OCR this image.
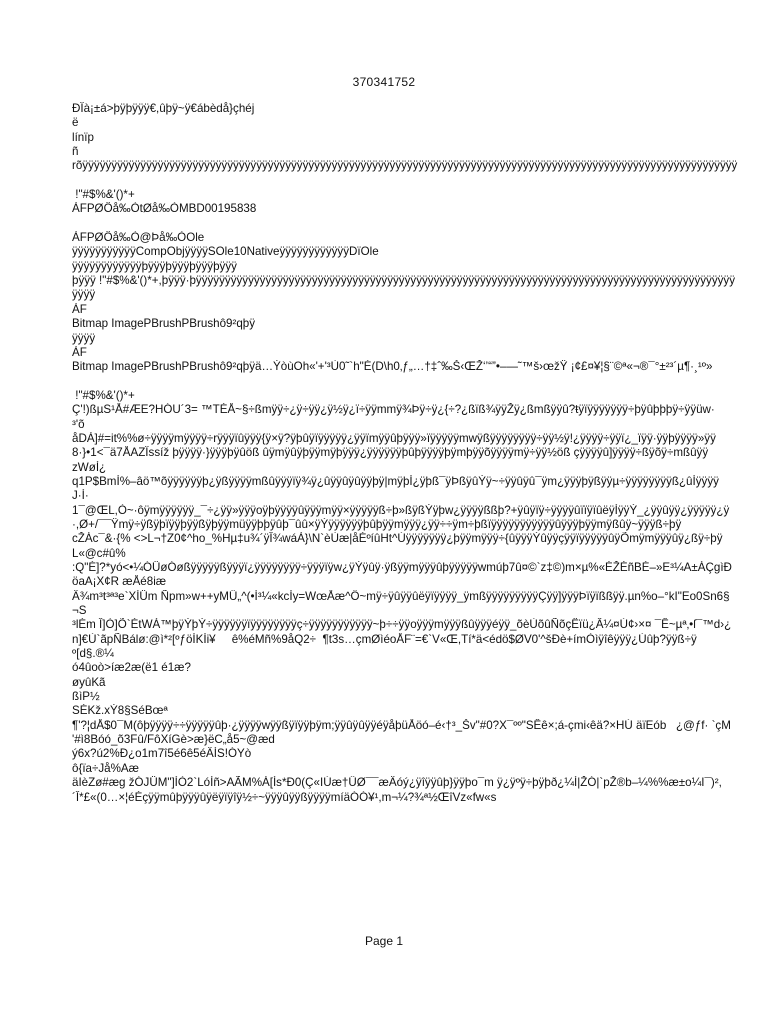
370341752
ÐÏà¡±á>þÿþÿÿÿ€,ûþÿ~ÿ€ábèdå}çhéj
ë
línïp
ñ
rõÿÿÿÿÿÿÿÿÿÿÿÿÿÿÿÿÿÿÿÿÿÿÿÿÿÿÿÿÿÿÿÿÿÿÿÿÿÿÿÿÿÿÿÿÿÿÿÿÿÿÿÿÿÿÿÿÿÿÿÿÿÿÿÿÿÿÿÿÿÿÿÿÿÿÿÿÿÿÿÿÿÿÿÿÿÿÿÿÿÿÿÿÿÿÿÿÿÿÿÿÿÿÿÿÿÿÿÿÿÿÿÿÿ
!"#$%&'()*+
ÀFPØÖå‰ÒtØå‰ÒMBD00195838
ÀFPØÖå‰Ò@Þå‰ÒOle
ÿÿÿÿÿÿÿÿÿÿÿCompObjÿÿÿÿSOle10NativeÿÿÿÿÿÿÿÿÿÿÿÿDïOle
ÿÿÿÿÿÿÿÿÿÿÿÿþÿÿÿþÿÿÿþÿÿÿþÿÿÿ
þÿÿÿ !"#$%&'()*+,þÿÿÿ·þÿÿÿÿÿÿÿÿÿÿÿÿÿÿÿÿÿÿÿÿÿÿÿÿÿÿÿÿÿÿÿÿÿÿÿÿÿÿÿÿÿÿÿÿÿÿÿÿÿÿÿÿÿÿÿÿÿÿÿÿÿÿÿÿÿÿÿÿÿÿÿÿÿÿÿÿÿÿÿÿÿÿÿÿÿÿÿÿÿÿÿÿÿ
ÿÿÿÿ
ÀF
Bitmap ImagePBrushPBrushô9²qþÿ
ÿÿÿÿ
ÀF
Bitmap ImagePBrushPBrushô9²qþÿä…ÝòùOh«'+'³Ù0˜`h"È(D\h0‚ƒ„…†‡ˆ‰Š‹ŒŽ‘’“”•–—˜™š›œžŸ ¡¢£¤¥¦§¨©ª«¬®¯°±²³´µ¶·¸¹º»
!"#$%&'()*+
Ç'!)ßµS¹Å#ÆE?HÓU´3= ™TÉÅ~§÷ßmÿÿ÷¿ÿ÷ÿÿ¿ÿ½ÿ¿ï÷ÿÿmmÿ¾Þÿ÷ÿ¿{÷?¿ßïß¾ÿÿŽÿ¿ßmßÿÿû?ŧÿïÿÿÿÿÿÿÿ÷þÿûþþþÿ÷ÿÿüw·
³'õ
åDÀ]#=it%%ø÷ÿÿÿÿmÿÿÿÿ÷rÿÿÿïûÿÿÿ{ÿ×ÿ?ÿþûÿïÿÿÿÿÿ¿ÿÿïmÿÿûþÿÿÿ»ïÿÿÿÿÿmwÿßÿÿÿÿÿÿÿÿ÷ÿÿ½ÿ!¿ÿÿÿÿ÷ÿÿï¿_ïÿÿ·ÿÿþÿÿÿÿ»ÿÿ
8·}•1<¯ä7ÅAZÏssíž þÿÿÿÿ·}ÿÿÿþÿûöß ûÿmÿûÿþÿÿmÿþÿÿÿ¿ÿÿÿÿÿÿþûþÿÿÿÿþÿmþÿÿõÿÿÿÿmÿ÷ÿÿ½öß çÿÿÿÿû]ÿÿÿÿ÷ßÿõÿ÷mßûÿÿ
zWøÍ¿
q1P$BmÍ%–âö™õÿÿÿÿÿÿþ¿ÿßÿÿÿÿmßûÿÿÿïÿ¾ÿ¿ûÿÿûÿûÿÿþÿ|mÿþÍ¿ÿþß¯ÿÞßÿûÝÿ~÷ÿÿûÿû¯ÿm¿ÿÿÿþÿßÿÿµ÷ÿÿÿÿÿÿÿÿß¿ûÌÿÿÿÿ
J·Í·
1¯@ŒL,Ò~·ôÿmÿÿÿÿÿÿ_¯÷¿ÿÿ»ÿÿÿoÿþÿÿÿÿûÿÿÿmÿÿ×ÿÿÿÿÿß÷þ»ßÿßÝÿþw¿ÿÿÿÿßßþ?+ÿûÿïÿ÷ÿÿÿÿûïïÿïûëÿÍÿÿÝ_¿ÿÿûÿÿ¿ÿÿÿÿÿ¿ÿ
·,Ø+/¯¯Ÿmÿ÷ÿßÿþïÿÿþÿÿßÿþÿÿmüÿÿþþÿûþ¯ûû×ÿÝÿÿÿÿÿÿþûþÿÿmÿÿÿ¿ÿÿ÷÷ÿm÷þßïÿÿÿÿÿÿÿÿÿÿÿûÿÿÿþÿÿmÿßûÿ~ÿÿÿß÷þÿ
cŽÁc¯&·{% <>L¬†Z0¢^ho_%Hµ‡u¾´ÿÎ¾wáÀ}\N`èÙæ|åÈºíûHt^Úÿÿÿÿÿÿÿ¿þÿÿmÿÿÿ÷{ûÿÿÿÝûÿÿçÿÿïÿÿÿÿÿûÿÕmÿmÿÿÿûÿ¿ßÿ÷þÿ
L«@c#û%
:Q"É]?*yó<•¼ÓÜøÓøßÿÿÿÿÿßÿÿÿï¿ÿÿÿÿÿÿÿÿ÷ÿÿÿïÿw¿ÿÝÿûÿ·ÿßÿÿmÿÿÿûþÿÿÿÿÿwmúþ7û¤©`z‡©)m×µ%«ÉŽÉñBÈ–»E³¼A±ÁÇgìÐ
öaA¡X¢R æÅé8iæ
Ä¾m³t³ª³e`XÌÜm Ñpm»w++yMÛ„^(•Ì³¼«kcÌy=WœÅæ^Ô~mÿ÷ÿûÿÿûëÿïÿÿÿÿ_ÿmßÿÿÿÿÿÿÿÿÿÇÿÿ]ÿÿÿÞïÿïßßÿÿ.µn%o–°kI"Eo0Sn6§
¬S
³lÈm Î]Ò]Õ`ÉtWÀ™þÿÝþÝ÷ÿÿÿÿÿÿïÿÿÿÿÿÿÿÿç÷ÿÿÿÿÿÿÿÿÿÿÿ~þ÷÷ÿÿoÿÿÿmÿÿÿßûÿÿÿéÿÿ_õèÙõûÑõçËïü¿Â¼¤Ú¢›×¤ ¯Ê~µª‚•ſ¯™d›¿
n]€Ù`ãpÑBálø:@ì*²[ºƒöÌKÍi¥     ê%éMñ%9åQ2÷  ¶t3s…çmØìéoÅF¨=€`V«Œ,Tí*ä<édö$ØV0'^šÐè+ímÒìÿîêÿÿÿ¿Úûþ?ÿÿß÷ÿ
º[d§.®¼
ó4ûoò>íæ2æ(ë1 é1æ?
øyûKã
ßìP½
SÉKž.xÝ8§SéBœª
¶'?¦dÅ$0¯M(ôþÿÿÿÿ÷÷ÿÿÿÿÿûþ·¿ÿÿÿÿwÿÿßÿïÿÿþÿm;ÿÿûÿûÿÿéÿåþüÅöó–é‹†³_Šv"#0?X¯ºº"SÊê×;á-çmi‹êä?×HÚ äïEób   ¿@ƒf· `çM
'#ì8Bóó_õ3Fû/FôXíGè>æ}ëC„å5~@æd
ý6x?ú2%Ð¿o1m7î5é6ê5éÄÌS!ÓYò
ô{ïa÷Jå%Aæ
äIèZø#æg žÓJÜM"]ÍÒ2`LóÍñ>AÃM%Á[Ìs*Ð0(Ç«IÚæ†ÛØ¯¯æÄóý¿ÿîÿÿûþ}ÿÿþo¯m ÿ¿ÿºÿ÷þÿþð¿¼Ì|ŽÓ|`pŽ®b–¼%%æ±o¼I¯)²,
´Î*£«(0…×¦éÉçÿÿmûþÿÿÿûÿëÿïÿîÿ½÷~ÿÿÿûÿÿßÿÿÿÿmíäÓÓ¥¹,m¬¼?¾ª½ŒîVz«fw«s
Page 1
